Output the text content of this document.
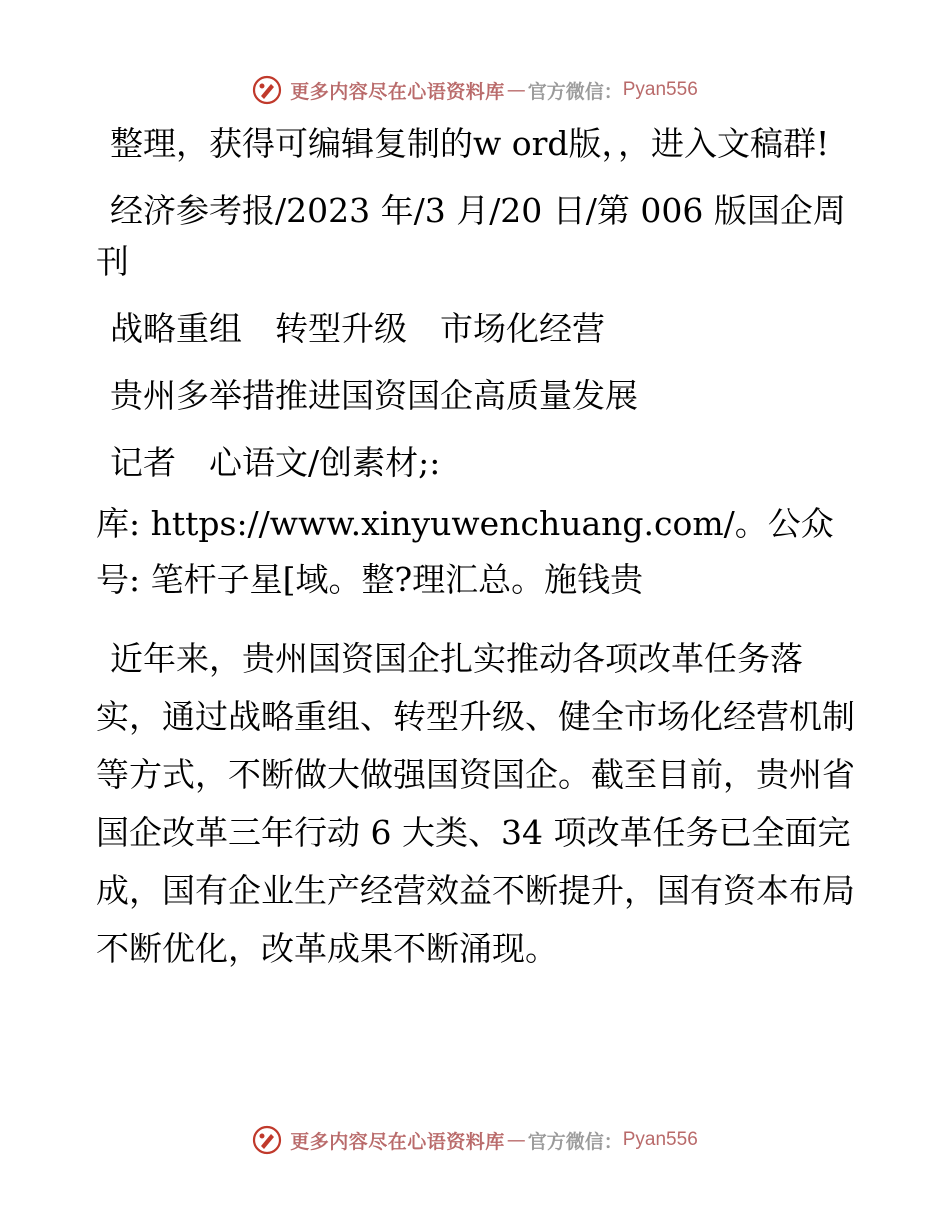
更多内容尽在心语资料库 — 官方微信： Pyan556

整理，获得可编辑复制的w ord版，，进入文稿群!

经济参考报/2023 年/3 月/20 日/第 006 版国企周刊

战略重组　转型升级　市场化经营

贵州多举措推进国资国企高质量发展

记者　心语文/创素材;:

库: https://www.xinyuwenchuang.com/。公众号: 笔杆子星[域。整?理汇总。施钱贵

近年来，贵州国资国企扎实推动各项改革任务落实，通过战略重组、转型升级、健全市场化经营机制等方式，不断做大做强国资国企。截至目前，贵州省国企改革三年行动 6 大类、34 项改革任务已全面完成，国有企业生产经营效益不断提升，国有资本布局不断优化，改革成果不断涌现。

更多内容尽在心语资料库 — 官方微信： Pyan556
